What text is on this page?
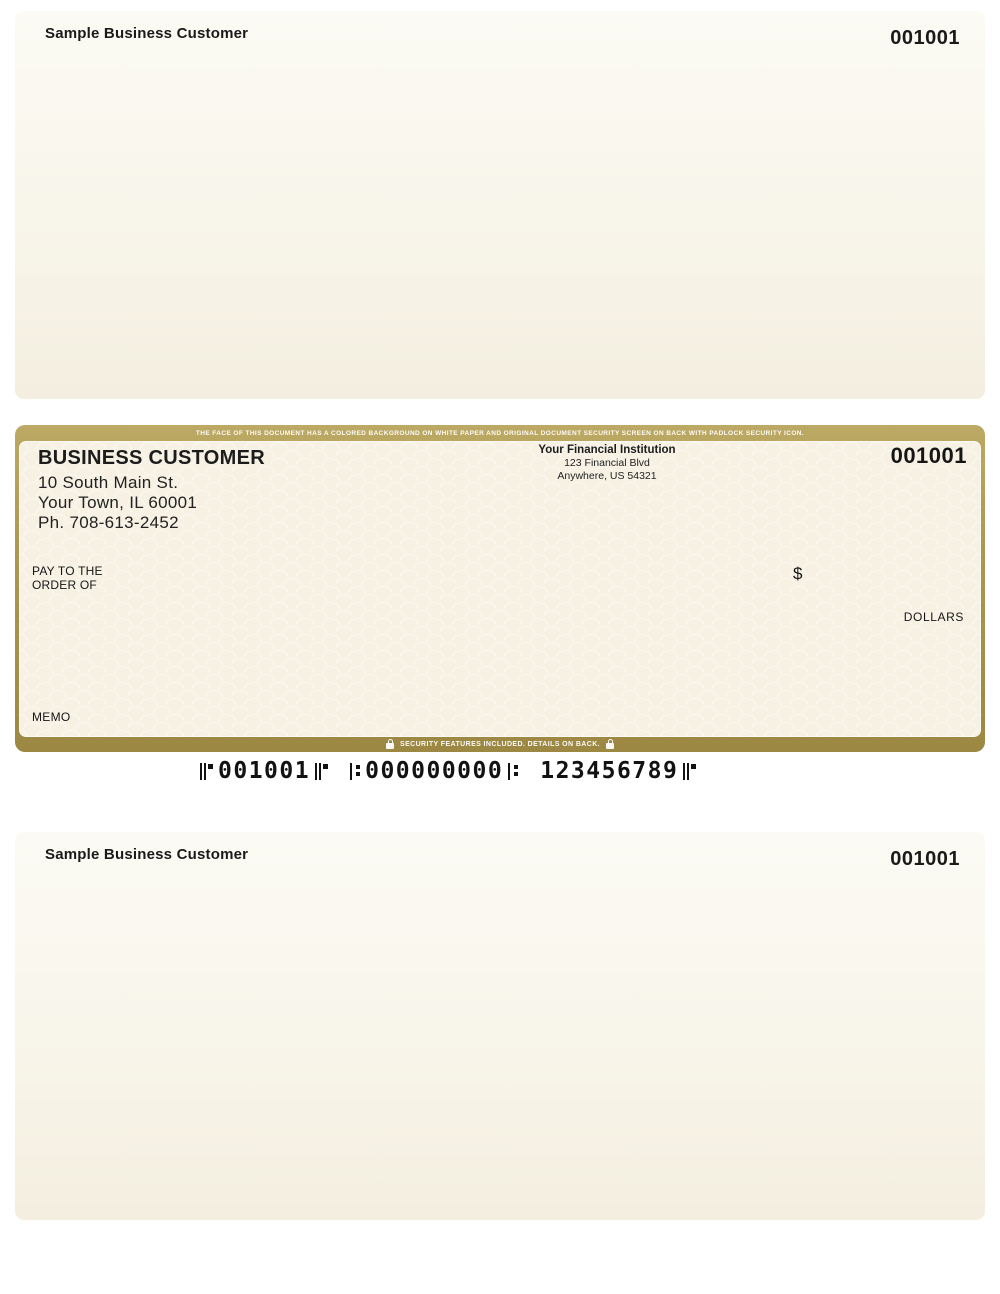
Sample Business Customer	001001
THE FACE OF THIS DOCUMENT HAS A COLORED BACKGROUND ON WHITE PAPER AND ORIGINAL DOCUMENT SECURITY SCREEN ON BACK WITH PADLOCK SECURITY ICON.
BUSINESS CUSTOMER
10 South Main St.
Your Town, IL 60001
Ph. 708-613-2452
Your Financial Institution
123 Financial Blvd
Anywhere, US 54321
001001
PAY TO THE
ORDER OF
$
DOLLARS
MEMO
SECURITY FEATURES INCLUDED. DETAILS ON BACK.
001001 000000000 123456789
Sample Business Customer	001001
